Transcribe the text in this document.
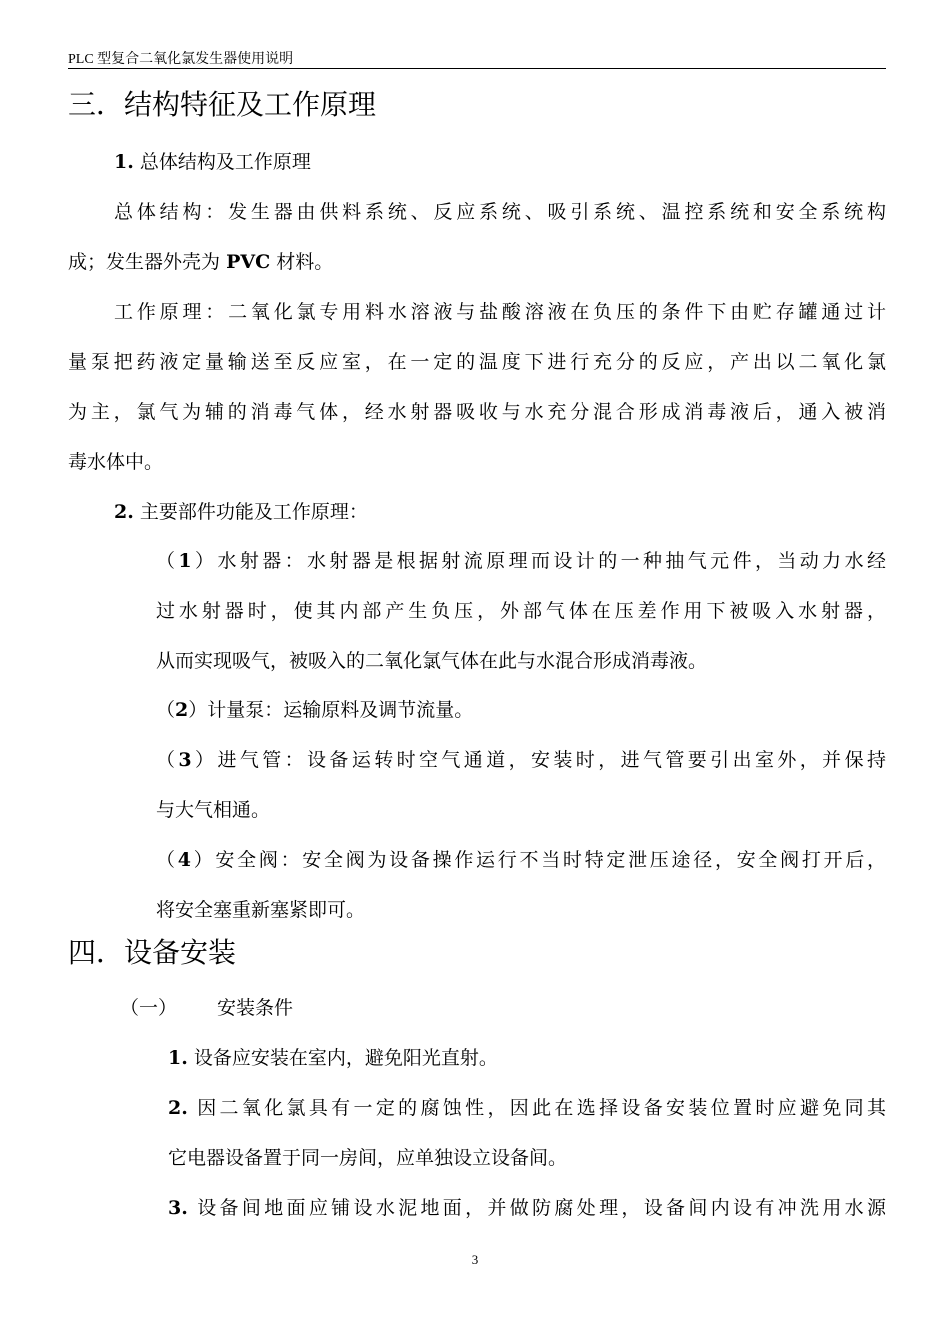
PLC 型复合二氧化氯发生器使用说明
三．结构特征及工作原理
1. 总体结构及工作原理
总体结构：发生器由供料系统、反应系统、吸引系统、温控系统和安全系统构
成；发生器外壳为 PVC 材料。
工作原理：二氧化氯专用料水溶液与盐酸溶液在负压的条件下由贮存罐通过计
量泵把药液定量输送至反应室，在一定的温度下进行充分的反应，产出以二氧化氯
为主，氯气为辅的消毒气体，经水射器吸收与水充分混合形成消毒液后，通入被消
毒水体中。
2. 主要部件功能及工作原理：
（1）水射器：水射器是根据射流原理而设计的一种抽气元件，当动力水经
过水射器时，使其内部产生负压，外部气体在压差作用下被吸入水射器，
从而实现吸气，被吸入的二氧化氯气体在此与水混合形成消毒液。
（2）计量泵：运输原料及调节流量。
（3）进气管：设备运转时空气通道，安装时，进气管要引出室外，并保持
与大气相通。
（4）安全阀：安全阀为设备操作运行不当时特定泄压途径，安全阀打开后，
将安全塞重新塞紧即可。
四．设备安装
（一） 安装条件
1. 设备应安装在室内，避免阳光直射。
2. 因二氧化氯具有一定的腐蚀性，因此在选择设备安装位置时应避免同其
它电器设备置于同一房间，应单独设立设备间。
3. 设备间地面应铺设水泥地面，并做防腐处理，设备间内设有冲洗用水源
3
